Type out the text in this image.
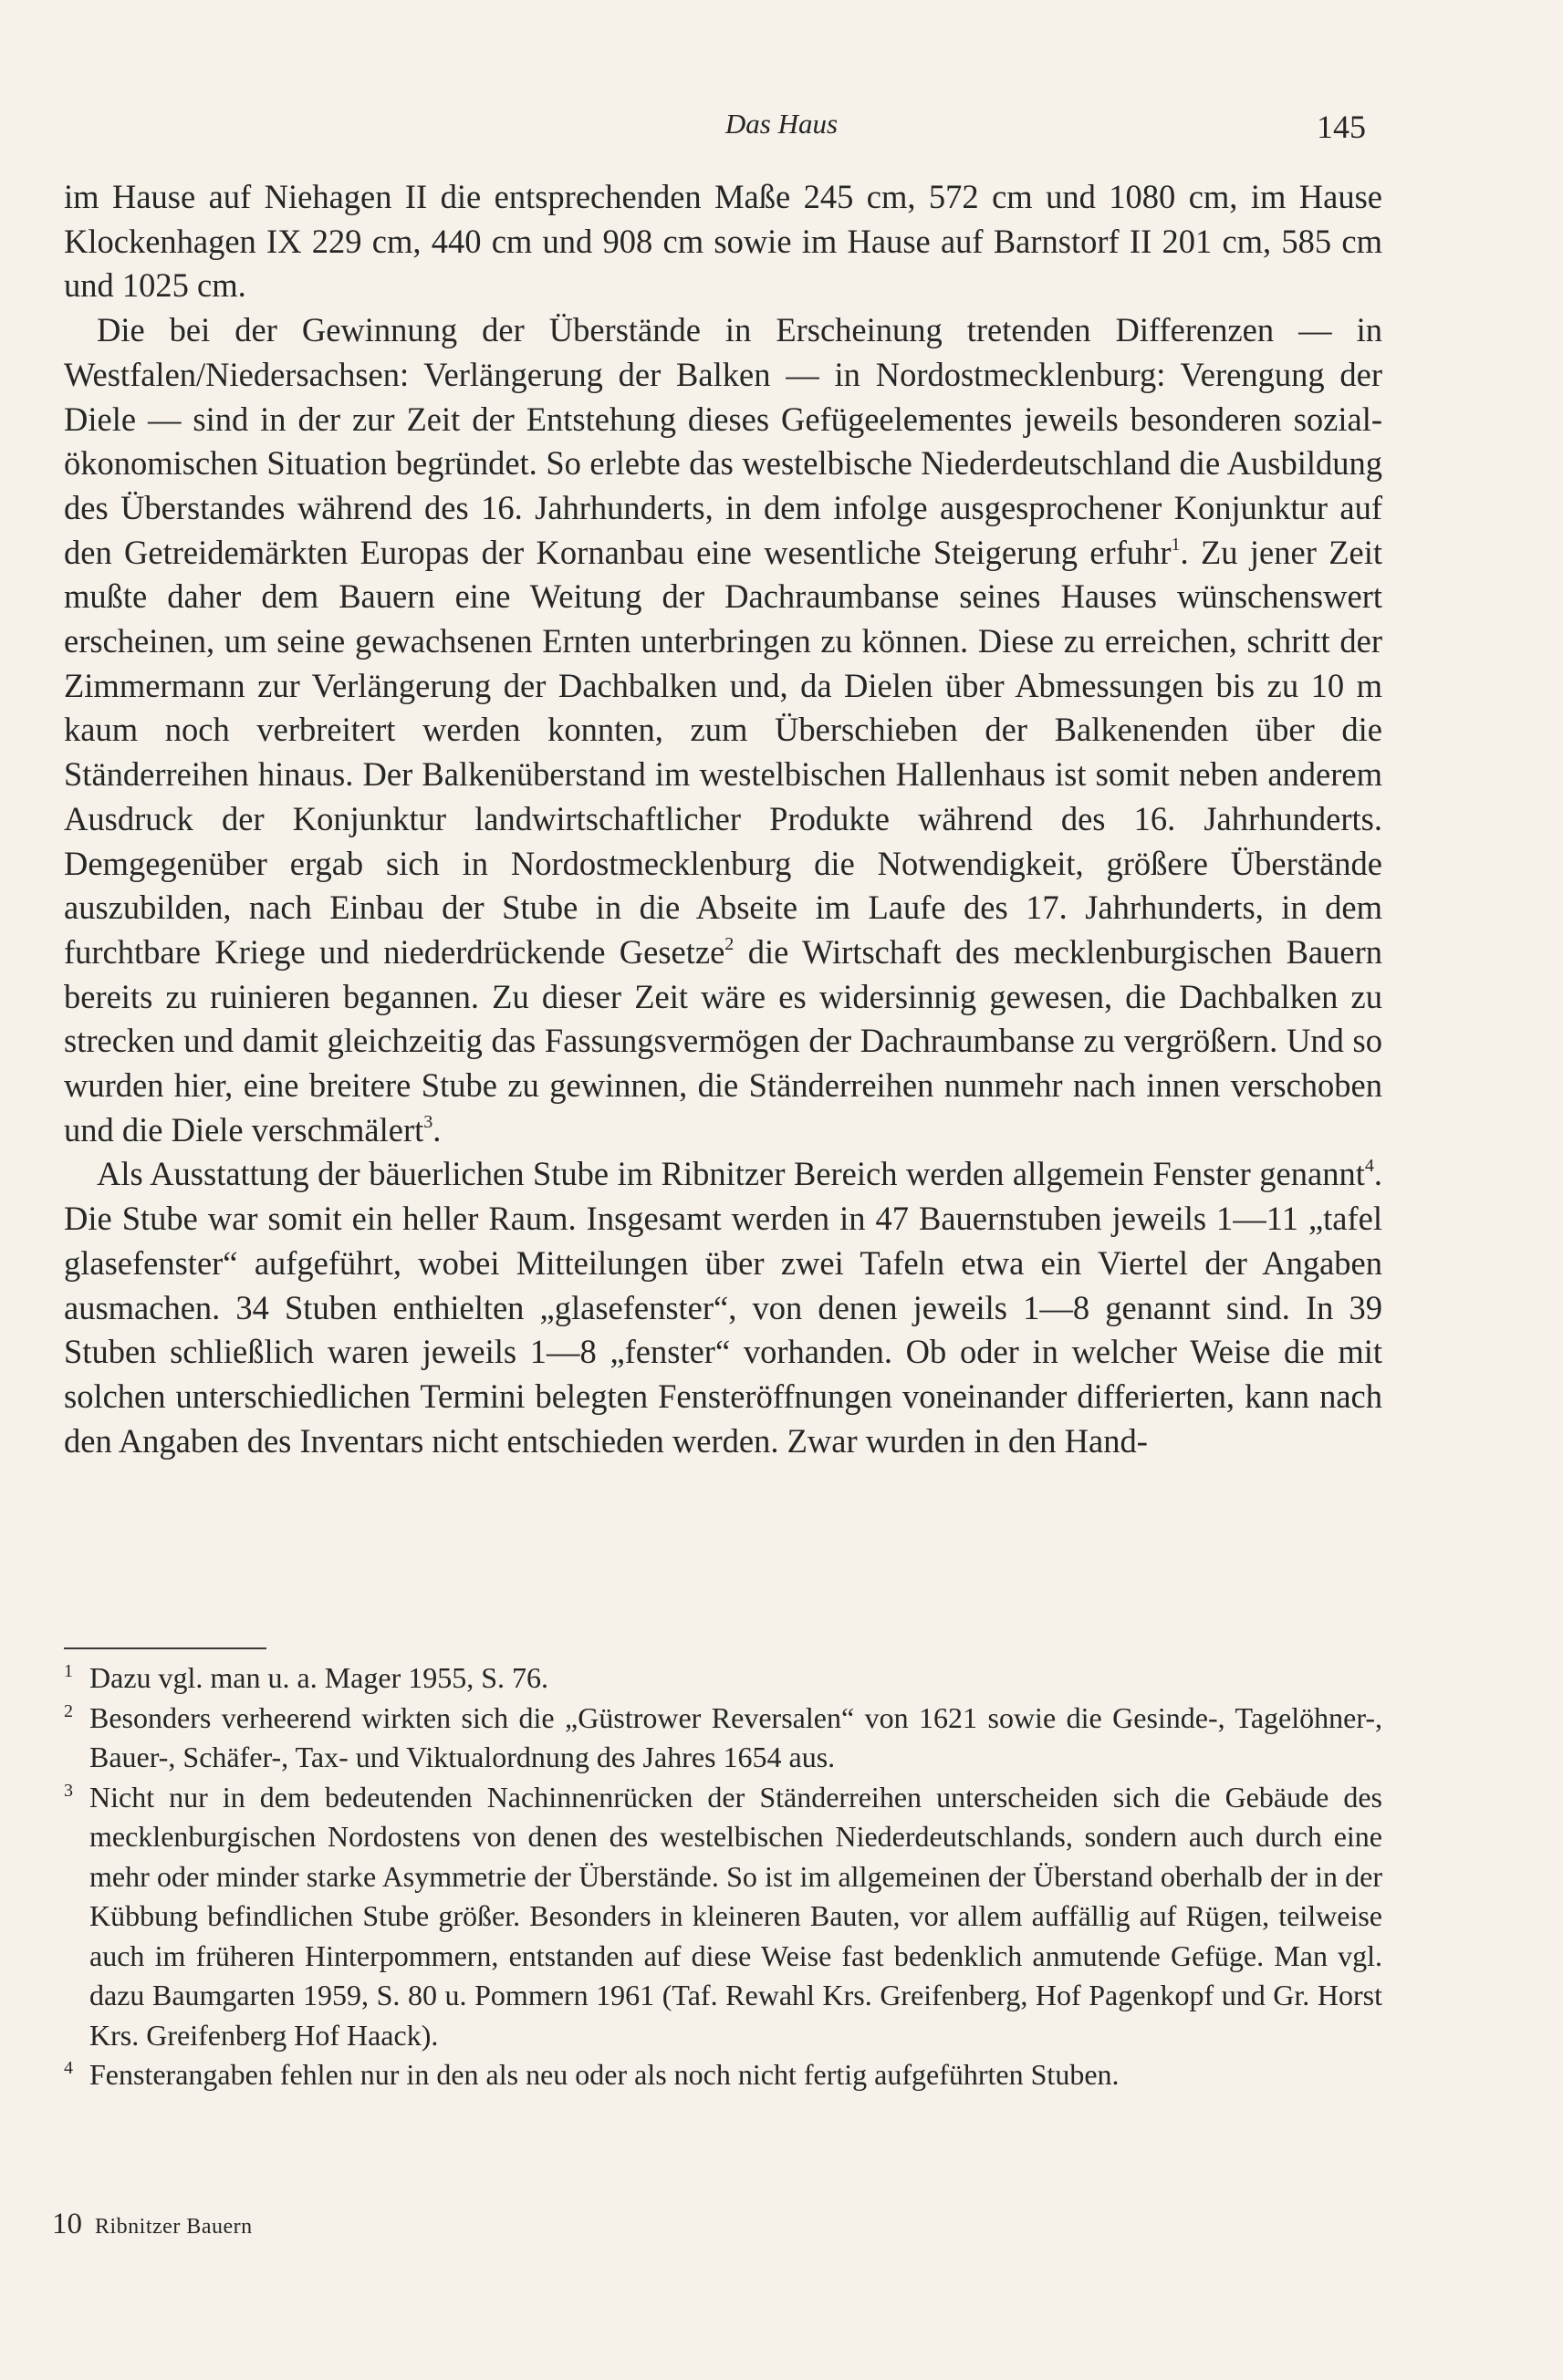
Das Haus	145

im Hause auf Niehagen II die entsprechenden Maße 245 cm, 572 cm und 1080 cm, im Hause Klockenhagen IX 229 cm, 440 cm und 908 cm sowie im Hause auf Barnstorf II 201 cm, 585 cm und 1025 cm.

Die bei der Gewinnung der Überstände in Erscheinung tretenden Differenzen — in Westfalen/Niedersachsen: Verlängerung der Balken — in Nordostmecklenburg: Verengung der Diele — sind in der zur Zeit der Entstehung dieses Gefügeelementes jeweils besonderen sozial-ökonomischen Situation begründet. So erlebte das westelbische Niederdeutschland die Ausbildung des Überstandes während des 16. Jahrhunderts, in dem infolge ausgesprochener Konjunktur auf den Getreidemärkten Europas der Kornanbau eine wesentliche Steigerung erfuhr$^1$. Zu jener Zeit mußte daher dem Bauern eine Weitung der Dachraumbanse seines Hauses wünschenswert erscheinen, um seine gewachsenen Ernten unterbringen zu können. Diese zu erreichen, schritt der Zimmermann zur Verlängerung der Dachbalken und, da Dielen über Abmessungen bis zu 10 m kaum noch verbreitert werden konnten, zum Überschieben der Balkenenden über die Ständerreihen hinaus. Der Balkenüberstand im westelbischen Hallenhaus ist somit neben anderem Ausdruck der Konjunktur landwirtschaftlicher Produkte während des 16. Jahrhunderts. Demgegenüber ergab sich in Nordostmecklenburg die Notwendigkeit, größere Überstände auszubilden, nach Einbau der Stube in die Abseite im Laufe des 17. Jahrhunderts, in dem furchtbare Kriege und niederdrückende Gesetze$^2$ die Wirtschaft des mecklenburgischen Bauern bereits zu ruinieren begannen. Zu dieser Zeit wäre es widersinnig gewesen, die Dachbalken zu strecken und damit gleichzeitig das Fassungsvermögen der Dachraumbanse zu vergrößern. Und so wurden hier, eine breitere Stube zu gewinnen, die Ständerreihen nunmehr nach innen verschoben und die Diele verschmälert$^3$.

Als Ausstattung der bäuerlichen Stube im Ribnitzer Bereich werden allgemein Fenster genannt$^4$. Die Stube war somit ein heller Raum. Insgesamt werden in 47 Bauernstuben jeweils 1—11 „tafel glasefenster“ aufgeführt, wobei Mitteilungen über zwei Tafeln etwa ein Viertel der Angaben ausmachen. 34 Stuben enthielten „glasefenster“, von denen jeweils 1—8 genannt sind. In 39 Stuben schließlich waren jeweils 1—8 „fenster“ vorhanden. Ob oder in welcher Weise die mit solchen unterschiedlichen Termini belegten Fensteröffnungen voneinander differierten, kann nach den Angaben des Inventars nicht entschieden werden. Zwar wurden in den Hand-

1 Dazu vgl. man u. a. Mager 1955, S. 76.
2 Besonders verheerend wirkten sich die „Güstrower Reversalen“ von 1621 sowie die Gesinde-, Tagelöhner-, Bauer-, Schäfer-, Tax- und Viktualordnung des Jahres 1654 aus.
3 Nicht nur in dem bedeutenden Nachinnenrücken der Ständerreihen unterscheiden sich die Gebäude des mecklenburgischen Nordostens von denen des westelbischen Niederdeutschlands, sondern auch durch eine mehr oder minder starke Asymmetrie der Überstände. So ist im allgemeinen der Überstand oberhalb der in der Kübbung befindlichen Stube größer. Besonders in kleineren Bauten, vor allem auffällig auf Rügen, teilweise auch im früheren Hinterpommern, entstanden auf diese Weise fast bedenklich anmutende Gefüge. Man vgl. dazu Baumgarten 1959, S. 80 u. Pommern 1961 (Taf. Rewahl Krs. Greifenberg, Hof Pagenkopf und Gr. Horst Krs. Greifenberg Hof Haack).
4 Fensterangaben fehlen nur in den als neu oder als noch nicht fertig aufgeführten Stuben.
10 Ribnitzer Bauern
